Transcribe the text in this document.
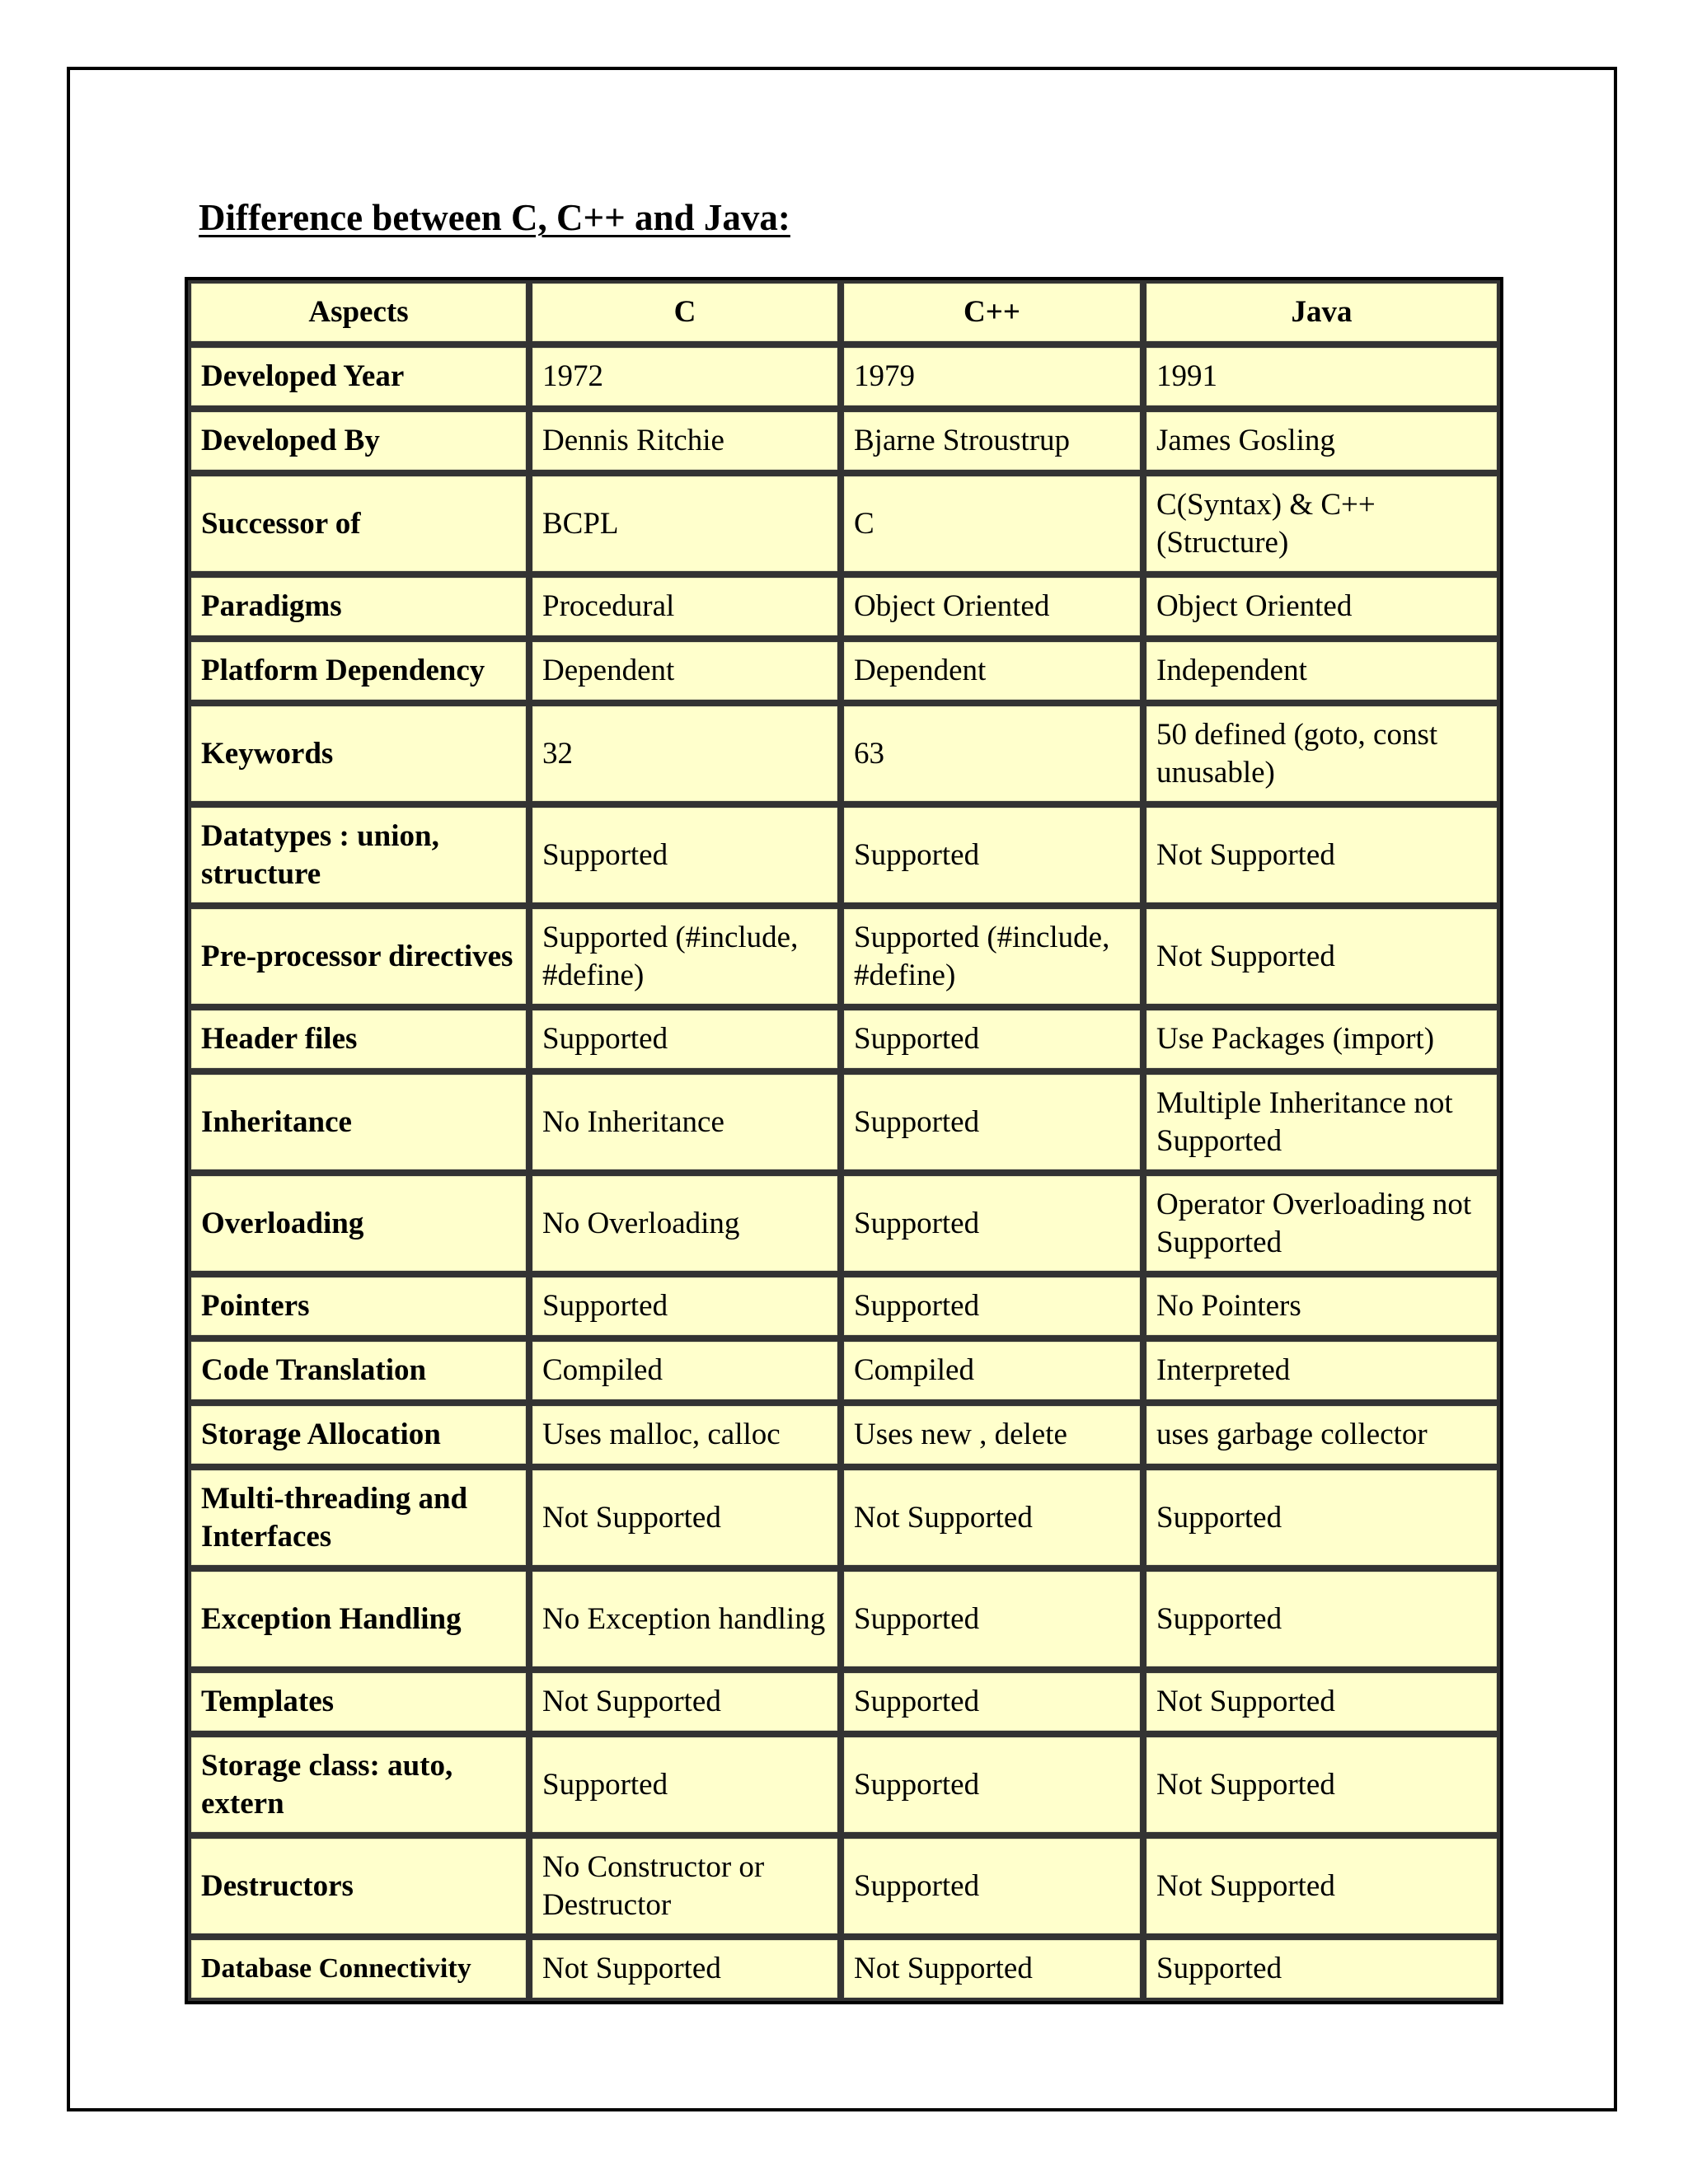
Difference between C, C++ and Java:
Aspects	C	C++	Java
Developed Year	1972	1979	1991
Developed By	Dennis Ritchie	Bjarne Stroustrup	James Gosling
Successor of	BCPL	C	C(Syntax) & C++ (Structure)
Paradigms	Procedural	Object Oriented	Object Oriented
Platform Dependency	Dependent	Dependent	Independent
Keywords	32	63	50 defined (goto, const unusable)
Datatypes : union, structure	Supported	Supported	Not Supported
Pre-processor directives	Supported (#include, #define)	Supported (#include, #define)	Not Supported
Header files	Supported	Supported	Use Packages (import)
Inheritance	No Inheritance	Supported	Multiple Inheritance not Supported
Overloading	No Overloading	Supported	Operator Overloading not Supported
Pointers	Supported	Supported	No Pointers
Code Translation	Compiled	Compiled	Interpreted
Storage Allocation	Uses malloc, calloc	Uses new , delete	uses garbage collector
Multi-threading and Interfaces	Not Supported	Not Supported	Supported
Exception Handling	No Exception handling	Supported	Supported
Templates	Not Supported	Supported	Not Supported
Storage class: auto, extern	Supported	Supported	Not Supported
Destructors	No Constructor or Destructor	Supported	Not Supported
Database Connectivity	Not Supported	Not Supported	Supported
